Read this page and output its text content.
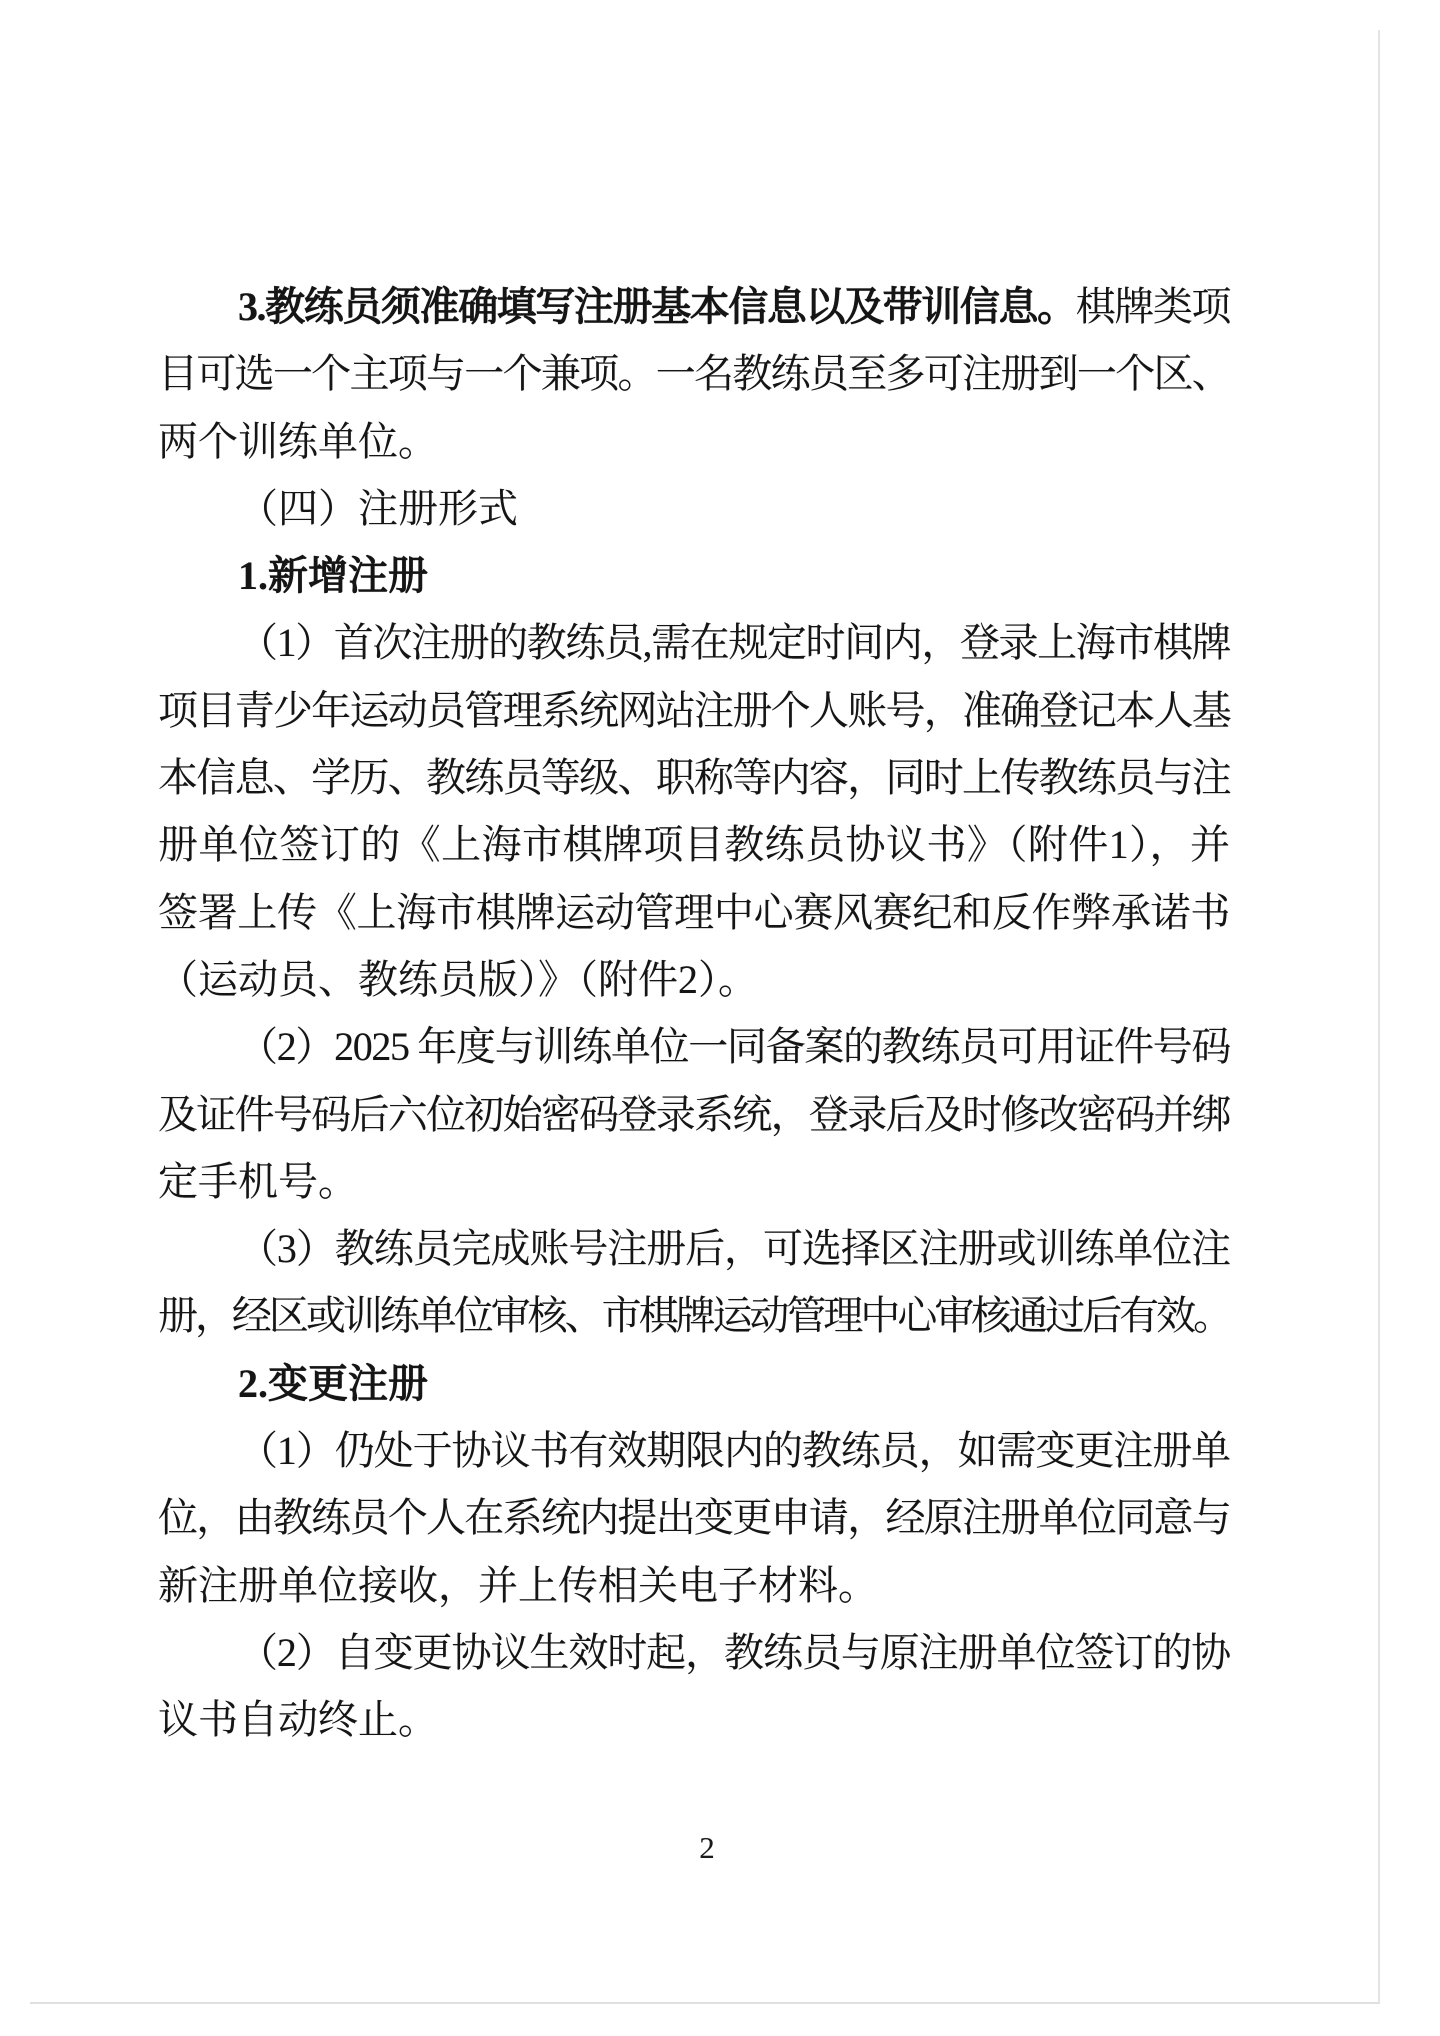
3.教练员须准确填写注册基本信息以及带训信息。棋牌类项
目可选一个主项与一个兼项。一名教练员至多可注册到一个区、
两个训练单位。
（四）注册形式
1.新增注册
（1）首次注册的教练员,需在规定时间内，登录上海市棋牌
项目青少年运动员管理系统网站注册个人账号，准确登记本人基
本信息、学历、教练员等级、职称等内容，同时上传教练员与注
册单位签订的《上海市棋牌项目教练员协议书》（附件1），并
签署上传《上海市棋牌运动管理中心赛风赛纪和反作弊承诺书
（运动员、教练员版）》（附件2）。
（2）2025 年度与训练单位一同备案的教练员可用证件号码
及证件号码后六位初始密码登录系统，登录后及时修改密码并绑
定手机号。
（3）教练员完成账号注册后，可选择区注册或训练单位注
册，经区或训练单位审核、市棋牌运动管理中心审核通过后有效。
2.变更注册
（1）仍处于协议书有效期限内的教练员，如需变更注册单
位，由教练员个人在系统内提出变更申请，经原注册单位同意与
新注册单位接收，并上传相关电子材料。
（2）自变更协议生效时起，教练员与原注册单位签订的协
议书自动终止。
2
